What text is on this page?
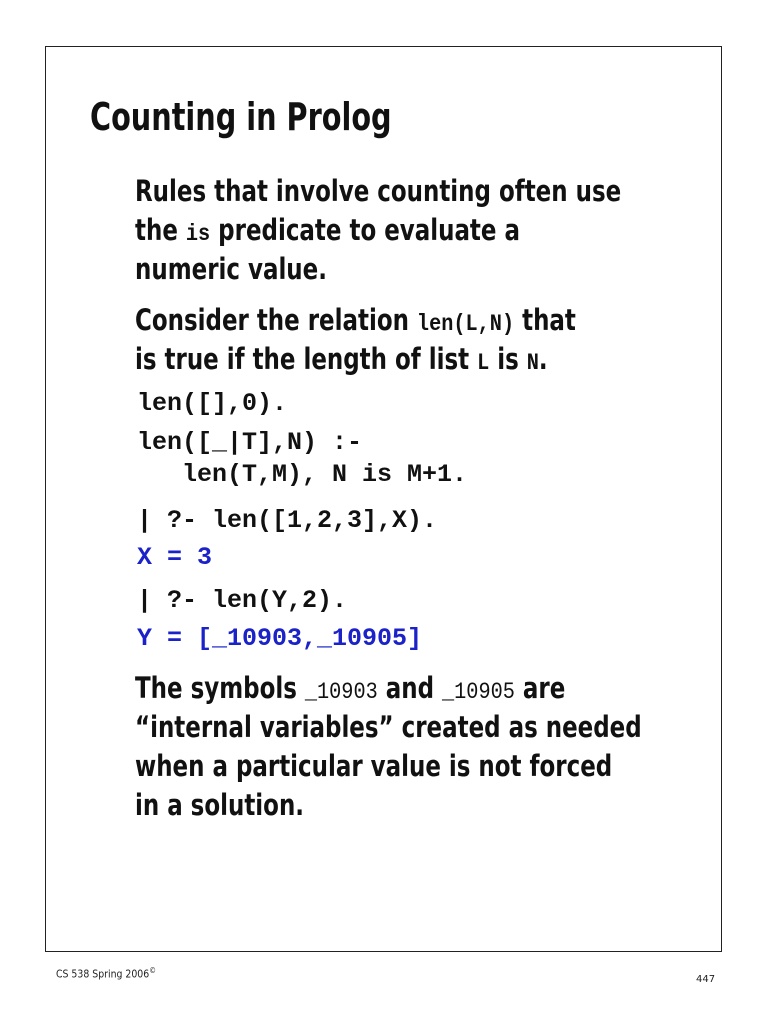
Counting in Prolog

Rules that involve counting often use

the is predicate to evaluate a

numeric value.

Consider the relation len(L,N) that

is true if the length of list L is N.

len([],0).
len([_|T],N) :-
len(T,M), N is M+1.
| ?- len([1,2,3],X).
X = 3
| ?- len(Y,2).
Y = [_10903,_10905]

The symbols _10903 and _10905 are

“internal variables” created as needed

when a particular value is not forced

in a solution.

CS 538 Spring 2006©
447
